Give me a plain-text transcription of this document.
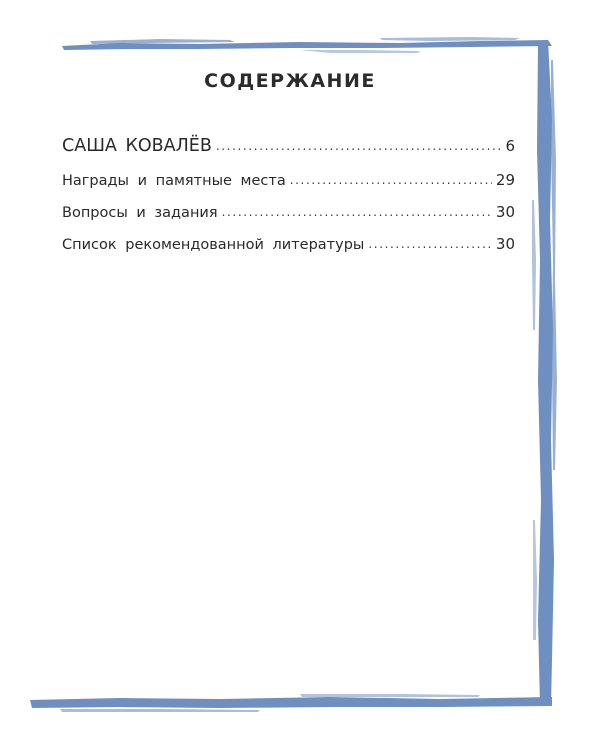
СОДЕРЖАНИЕ
САША КОВАЛЁВ .....	6
Награды и памятные места .....	29
Вопросы и задания .....	30
Список рекомендованной литературы .....	30
